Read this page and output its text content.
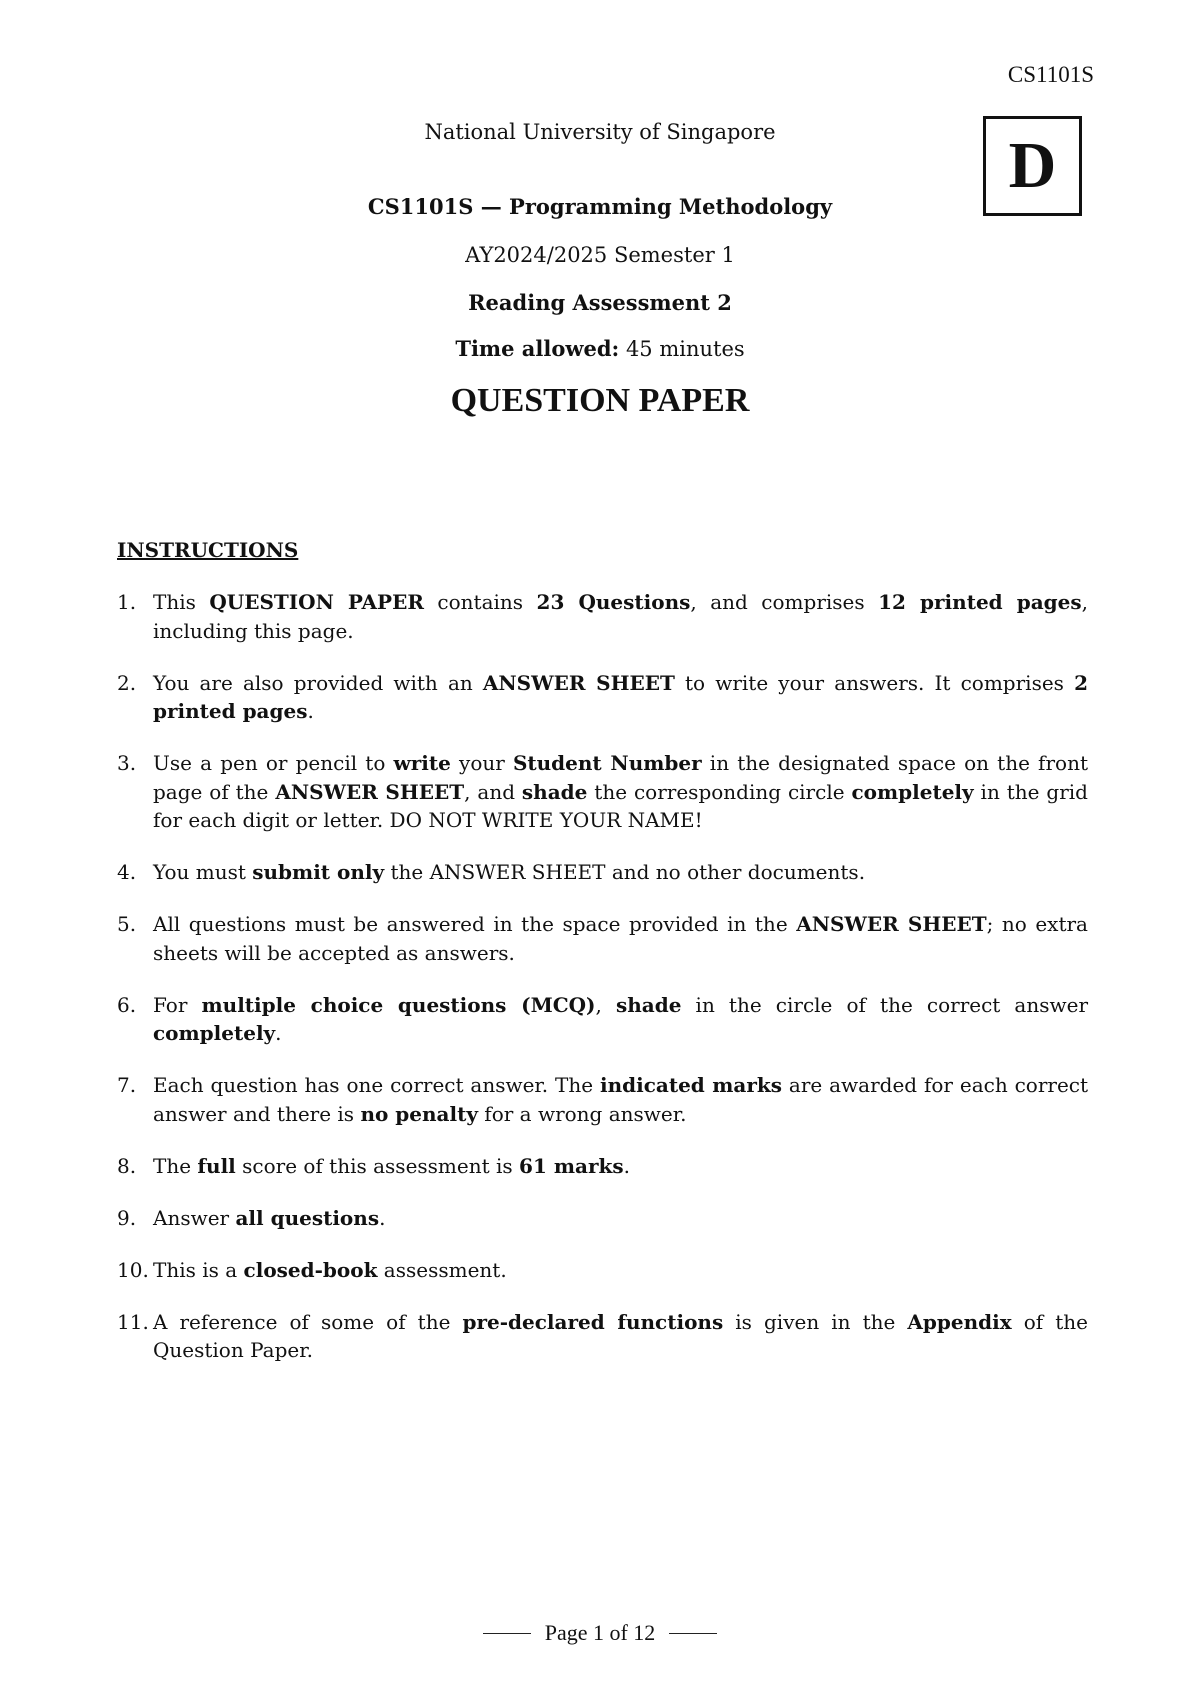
CS1101S
D
National University of Singapore
CS1101S — Programming Methodology
AY2024/2025 Semester 1
Reading Assessment 2
Time allowed: 45 minutes
QUESTION PAPER
INSTRUCTIONS
1. This QUESTION PAPER contains 23 Questions, and comprises 12 printed pages, including this page.
2. You are also provided with an ANSWER SHEET to write your answers. It comprises 2 printed pages.
3. Use a pen or pencil to write your Student Number in the designated space on the front page of the ANSWER SHEET, and shade the corresponding circle completely in the grid for each digit or letter. DO NOT WRITE YOUR NAME!
4. You must submit only the ANSWER SHEET and no other documents.
5. All questions must be answered in the space provided in the ANSWER SHEET; no extra sheets will be accepted as answers.
6. For multiple choice questions (MCQ), shade in the circle of the correct answer completely.
7. Each question has one correct answer. The indicated marks are awarded for each correct answer and there is no penalty for a wrong answer.
8. The full score of this assessment is 61 marks.
9. Answer all questions.
10. This is a closed-book assessment.
11. A reference of some of the pre-declared functions is given in the Appendix of the Question Paper.
Page 1 of 12
